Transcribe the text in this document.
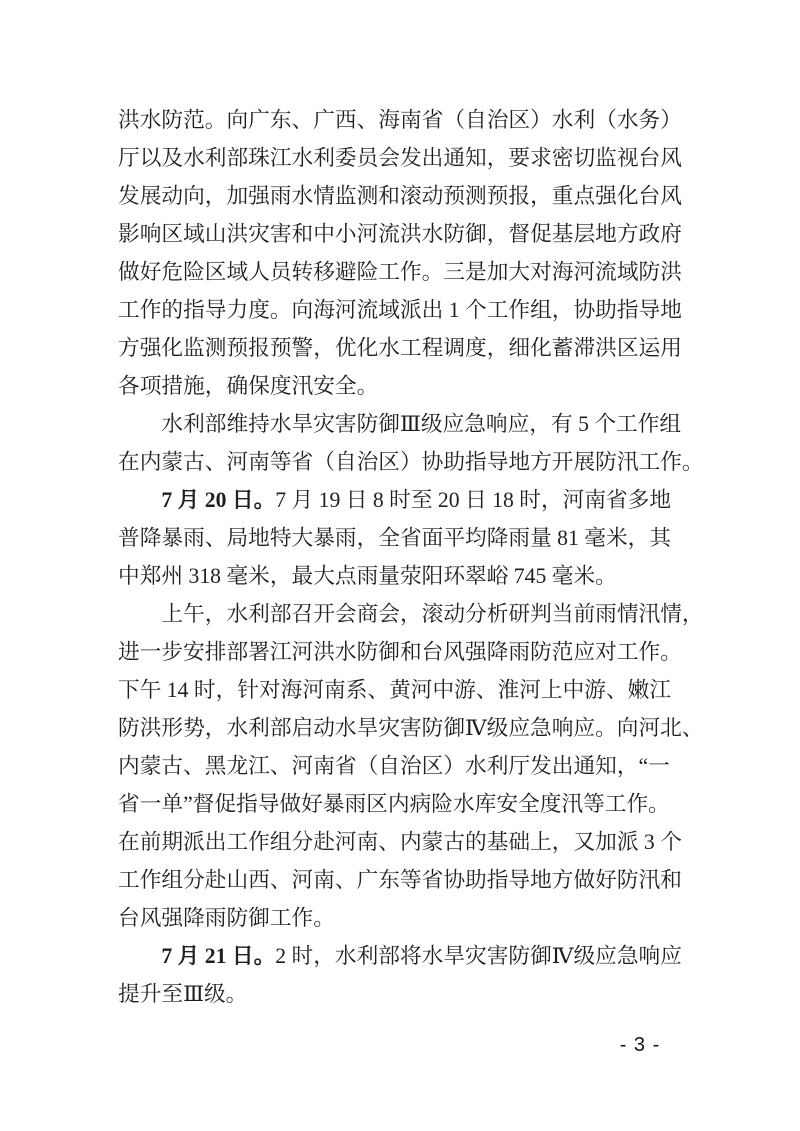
洪水防范。向广东、广西、海南省（自治区）水利（水务）
厅以及水利部珠江水利委员会发出通知，要求密切监视台风
发展动向，加强雨水情监测和滚动预测预报，重点强化台风
影响区域山洪灾害和中小河流洪水防御，督促基层地方政府
做好危险区域人员转移避险工作。三是加大对海河流域防洪
工作的指导力度。向海河流域派出 1 个工作组，协助指导地
方强化监测预报预警，优化水工程调度，细化蓄滞洪区运用
各项措施，确保度汛安全。
水利部维持水旱灾害防御Ⅲ级应急响应，有 5 个工作组
在内蒙古、河南等省（自治区）协助指导地方开展防汛工作。
7 月 20 日。7 月 19 日 8 时至 20 日 18 时，河南省多地
普降暴雨、局地特大暴雨，全省面平均降雨量 81 毫米，其
中郑州 318 毫米，最大点雨量荥阳环翠峪 745 毫米。
上午，水利部召开会商会，滚动分析研判当前雨情汛情，
进一步安排部署江河洪水防御和台风强降雨防范应对工作。
下午 14 时，针对海河南系、黄河中游、淮河上中游、嫩江
防洪形势，水利部启动水旱灾害防御Ⅳ级应急响应。向河北、
内蒙古、黑龙江、河南省（自治区）水利厅发出通知，“一
省一单”督促指导做好暴雨区内病险水库安全度汛等工作。
在前期派出工作组分赴河南、内蒙古的基础上，又加派 3 个
工作组分赴山西、河南、广东等省协助指导地方做好防汛和
台风强降雨防御工作。
7 月 21 日。2 时，水利部将水旱灾害防御Ⅳ级应急响应
提升至Ⅲ级。
- 3 -
